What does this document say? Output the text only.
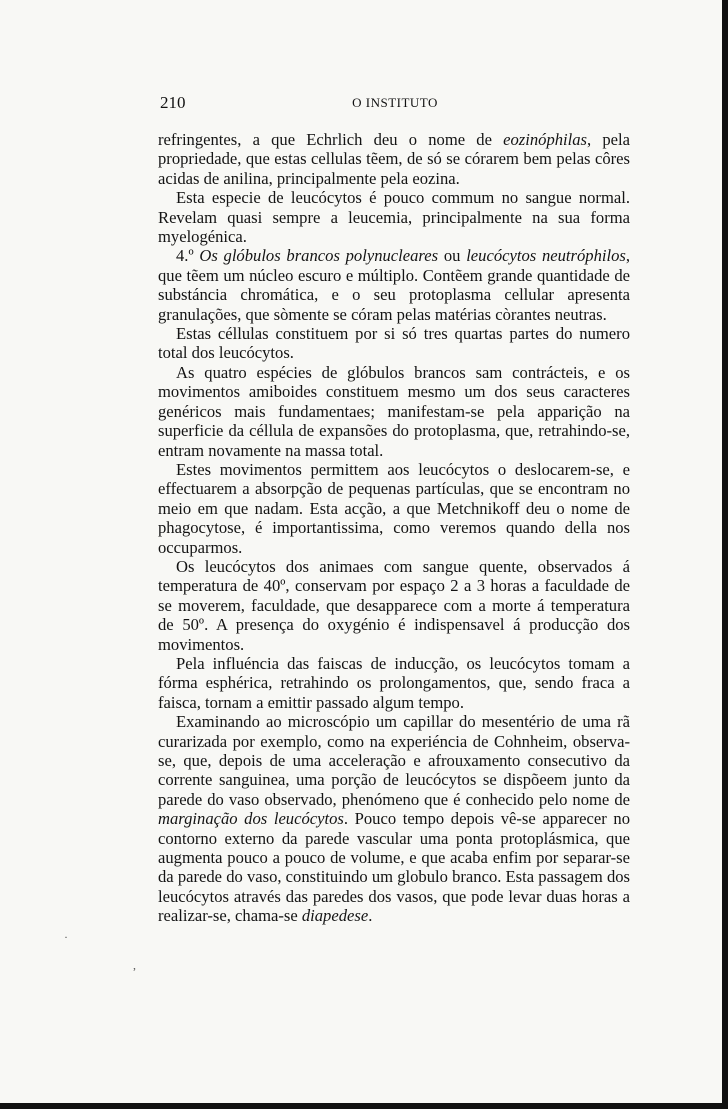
210	O INSTITUTO

refringentes, a que Echrlich deu o nome de eozinóphilas, pela propriedade, que estas cellulas tẽem, de só se córarem bem pelas côres acidas de anilina, principalmente pela eozina.

Esta especie de leucócytos é pouco commum no sangue normal. Revelam quasi sempre a leucemia, principalmente na sua forma myelogénica.

4.º Os glóbulos brancos polynucleares ou leucócytos neutróphilos, que tẽem um núcleo escuro e múltiplo. Contẽem grande quantidade de substáncia chromática, e o seu protoplasma cellular apresenta granulações, que sòmente se córam pelas matérias còrantes neutras.

Estas céllulas constituem por si só tres quartas partes do numero total dos leucócytos.

As quatro espécies de glóbulos brancos sam contrácteis, e os movimentos amiboides constituem mesmo um dos seus caracteres genéricos mais fundamentaes; manifestam-se pela apparição na superficie da céllula de expansões do protoplasma, que, retrahindo-se, entram novamente na massa total.

Estes movimentos permittem aos leucócytos o deslocarem-se, e effectuarem a absorpção de pequenas partículas, que se encontram no meio em que nadam. Esta acção, a que Metchnikoff deu o nome de phagocytose, é importantissima, como veremos quando della nos occuparmos.

Os leucócytos dos animaes com sangue quente, observados á temperatura de 40º, conservam por espaço 2 a 3 horas a faculdade de se moverem, faculdade, que desapparece com a morte á temperatura de 50º. A presença do oxygénio é indispensavel á producção dos movimentos.

Pela influéncia das faiscas de inducção, os leucócytos tomam a fórma esphérica, retrahindo os prolongamentos, que, sendo fraca a faisca, tornam a emittir passado algum tempo.

Examinando ao microscópio um capillar do mesentério de uma rã curarizada por exemplo, como na experiéncia de Cohnheim, observa-se, que, depois de uma acceleração e afrouxamento consecutivo da corrente sanguinea, uma porção de leucócytos se dispõeem junto da parede do vaso observado, phenómeno que é conhecido pelo nome de marginação dos leucócytos. Pouco tempo depois vê-se apparecer no contorno externo da parede vascular uma ponta protoplásmica, que augmenta pouco a pouco de volume, e que acaba enfim por separar-se da parede do vaso, constituindo um globulo branco. Esta passagem dos leucócytos através das paredes dos vasos, que pode levar duas horas a realizar-se, chama-se diapedese.

·
,
